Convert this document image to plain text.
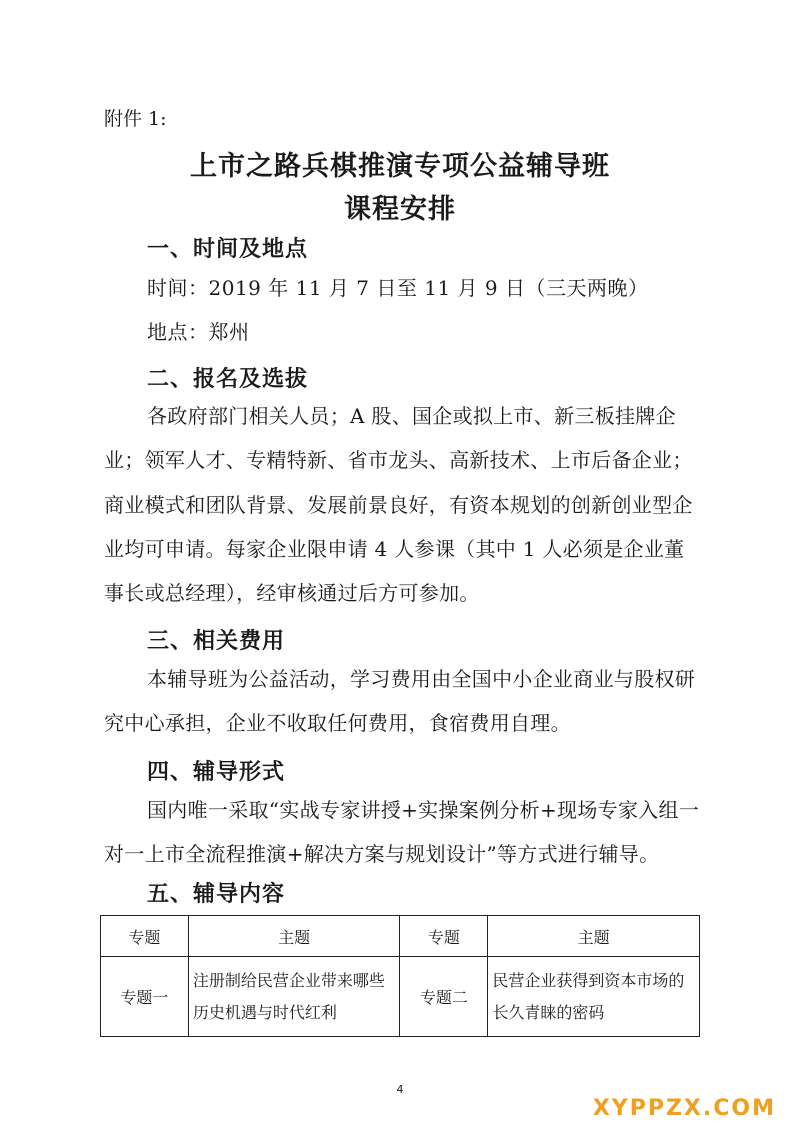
附件 1:
上市之路兵棋推演专项公益辅导班
课程安排
一、时间及地点
时间：2019 年 11 月 7 日至 11 月 9 日（三天两晚）
地点：郑州
二、报名及选拔
各政府部门相关人员；A 股、国企或拟上市、新三板挂牌企业；领军人才、专精特新、省市龙头、高新技术、上市后备企业；商业模式和团队背景、发展前景良好，有资本规划的创新创业型企业均可申请。每家企业限申请 4 人参课（其中 1 人必须是企业董事长或总经理），经审核通过后方可参加。
三、相关费用
本辅导班为公益活动，学习费用由全国中小企业商业与股权研究中心承担，企业不收取任何费用，食宿费用自理。
四、辅导形式
国内唯一采取“实战专家讲授+实操案例分析+现场专家入组一对一上市全流程推演+解决方案与规划设计”等方式进行辅导。
五、辅导内容
专题	主题	专题	主题
专题一	注册制给民营企业带来哪些历史机遇与时代红利	专题二	民营企业获得到资本市场的长久青睐的密码
4
XYPPZX.COM
